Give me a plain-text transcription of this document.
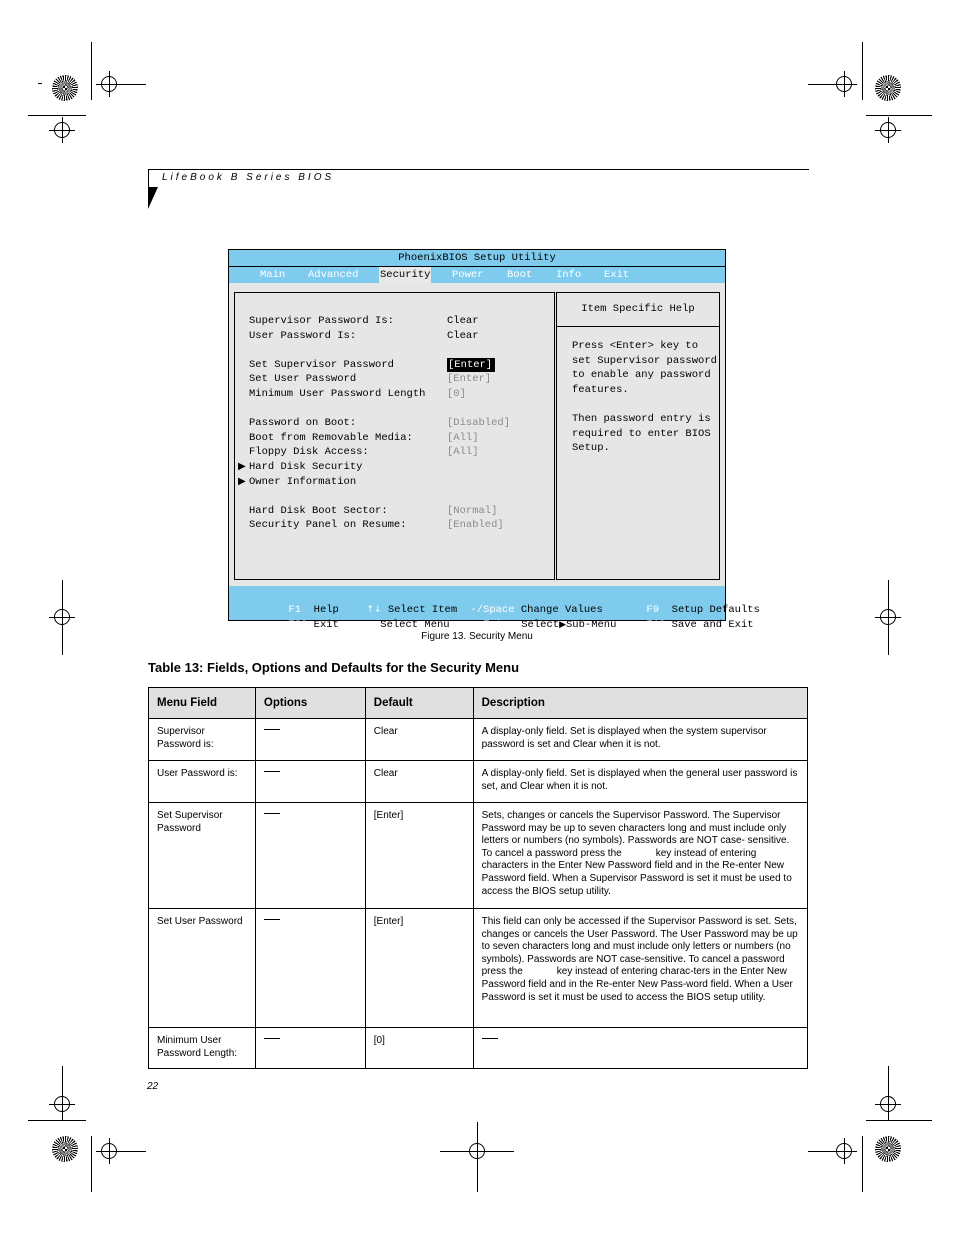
LifeBook B Series BIOS
PhoenixBIOS Setup Utility
Main Advanced Security Power Boot Info Exit
Supervisor Password Is:	Clear
User Password Is:	Clear
Set Supervisor Password	[Enter]
Set User Password	[Enter]
Minimum User Password Length [0]
Password on Boot:	[Disabled]
Boot from Removable Media:	[All]
Floppy Disk Access:	[All]
▶ Hard Disk Security
▶ Owner Information
Hard Disk Boot Sector:	[Normal]
Security Panel on Resume:	[Enabled]
Item Specific Help
Press <Enter> key to
set Supervisor password
to enable any password
features.

Then password entry is
required to enter BIOS
Setup.

F1 Help
	↑↓ Select Item
	-/Space Change Values
	F9 Setup Defaults

ESC Exit
	↔ Select Menu
	Enter Select▶Sub-Menu
	F10 Save and Exit

Figure 13. Security Menu
Table 13: Fields, Options and Defaults for the Security Menu
Menu Field	Options	Default	Description
Supervisor Password is:		Clear	A display-only field. Set is displayed when the system supervisor password is set and Clear when it is not.
User Password is:		Clear	A display-only field. Set is displayed when the general user password is set, and Clear when it is not.
Set Supervisor Password		[Enter]	Sets, changes or cancels the Supervisor Password. The Supervisor Password may be up to seven characters long and must include only letters or numbers (no symbols). Passwords are NOT case- sensitive. To cancel a password press the key instead of entering characters in the Enter New Password field and in the Re-enter New Password field. When a Supervisor Password is set it must be used to access the BIOS setup utility.
Set User Password		[Enter]	This field can only be accessed if the Supervisor Password is set. Sets, changes or cancels the User Password. The User Password may be up to seven characters long and must include only letters or numbers (no symbols). Passwords are NOT case-sensitive. To cancel a password press the key instead of entering charac-ters in the Enter New Password field and in the Re-enter New Pass-word field. When a User Password is set it must be used to access the BIOS setup utility.
Minimum User Password Length:		[0]	
22
